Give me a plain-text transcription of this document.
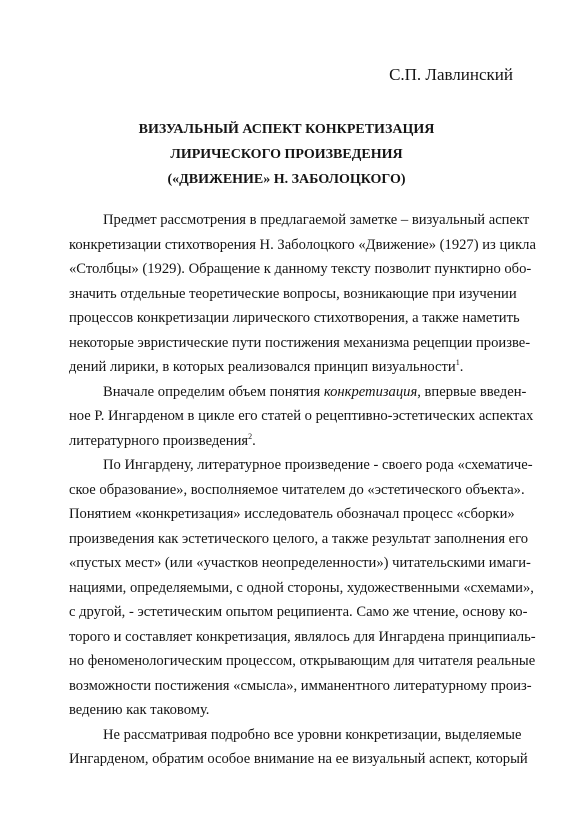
С.П. Лавлинский
ВИЗУАЛЬНЫЙ АСПЕКТ КОНКРЕТИЗАЦИЯ
ЛИРИЧЕСКОГО ПРОИЗВЕДЕНИЯ
(«ДВИЖЕНИЕ» Н. ЗАБОЛОЦКОГО)
Предмет рассмотрения в предлагаемой заметке – визуальный аспект
конкретизации стихотворения Н. Заболоцкого «Движение» (1927) из цикла
«Столбцы» (1929). Обращение к данному тексту позволит пунктирно обо-
значить отдельные теоретические вопросы, возникающие при изучении
процессов конкретизации лирического стихотворения, а также наметить
некоторые эвристические пути постижения механизма рецепции произве-
дений лирики, в которых реализовался принцип визуальности$^1$.
Вначале определим объем понятия конкретизация, впервые введен-
ное Р. Ингарденом в цикле его статей о рецептивно-эстетических аспектах
литературного произведения$^2$.
По Ингардену, литературное произведение - своего рода «схематиче-
ское образование», восполняемое читателем до «эстетического объекта».
Понятием «конкретизация» исследователь обозначал процесс «сборки»
произведения как эстетического целого, а также результат заполнения его
«пустых мест» (или «участков неопределенности») читательскими имаги-
нациями, определяемыми, с одной стороны, художественными «схемами»,
с другой, - эстетическим опытом реципиента. Само же чтение, основу ко-
торого и составляет конкретизация, являлось для Ингардена принципиаль-
но феноменологическим процессом, открывающим для читателя реальные
возможности постижения «смысла», имманентного литературному произ-
ведению как таковому.
Не рассматривая подробно все уровни конкретизации, выделяемые
Ингарденом, обратим особое внимание на ее визуальный аспект, который
